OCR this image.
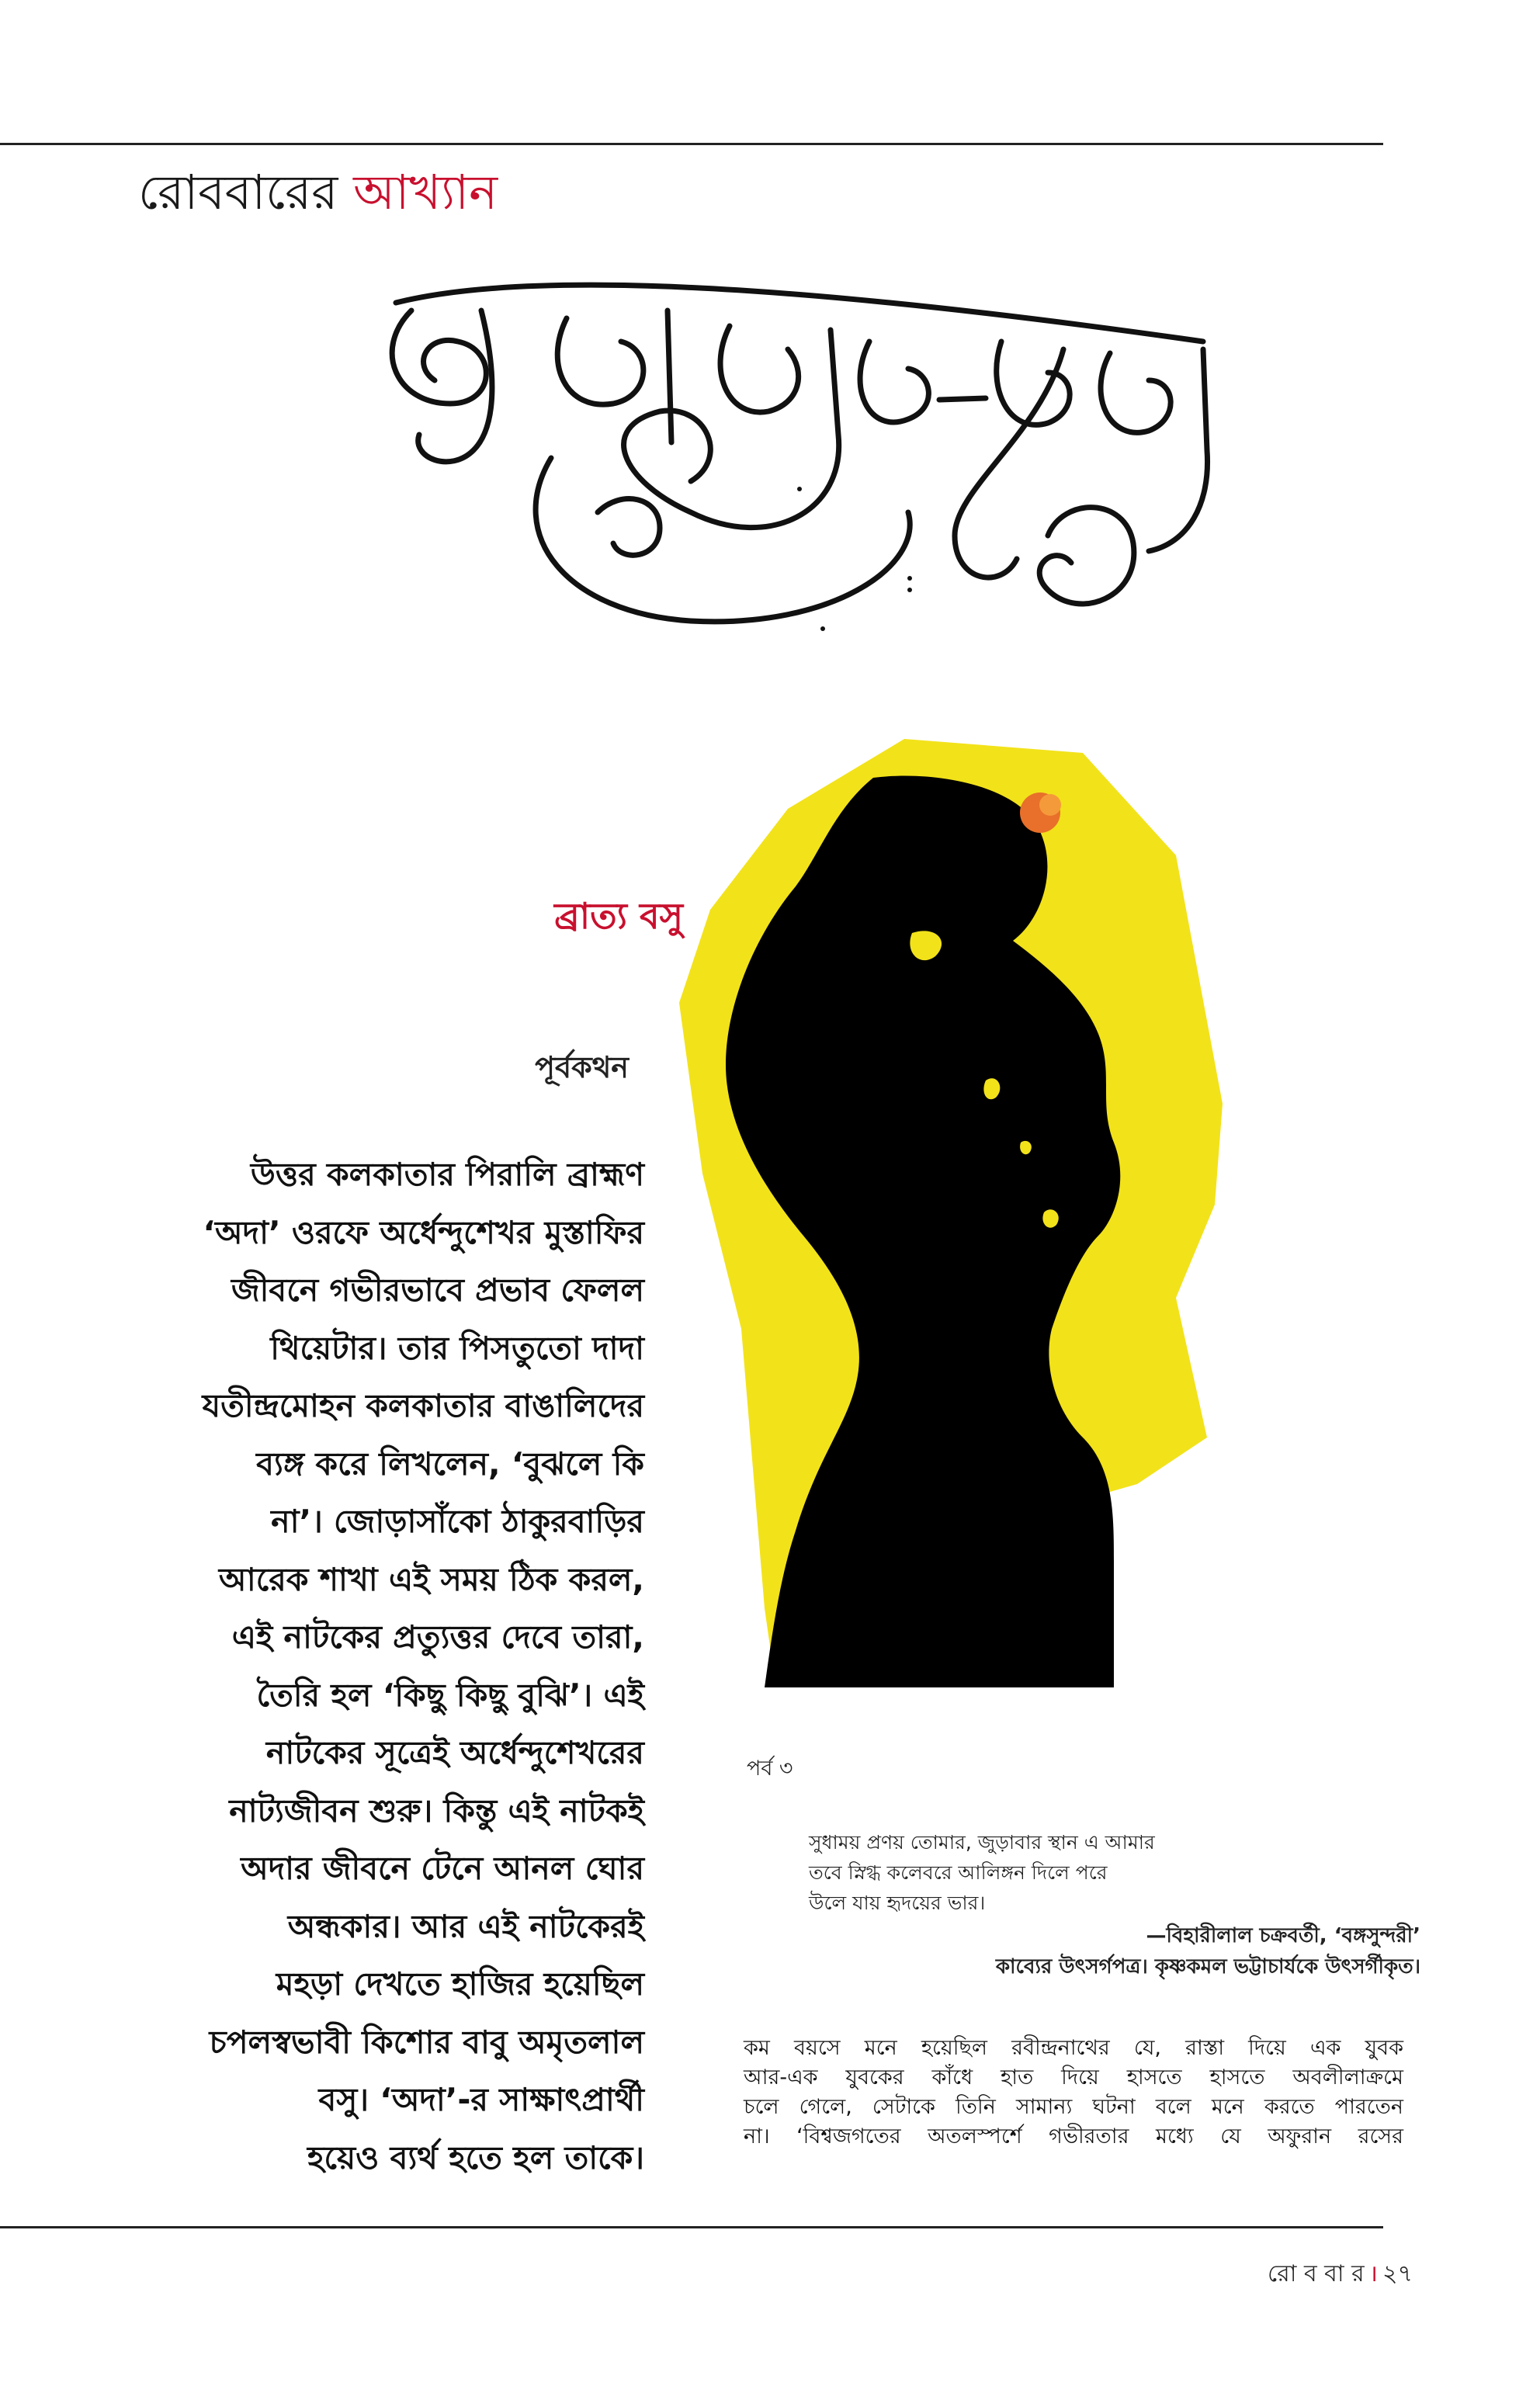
রোববারের আখ্যান
ব্রাত্য বসু
পূর্বকথন
উত্তর কলকাতার পিরালি ব্রাহ্মণ
‘অদা’ ওরফে অর্ধেন্দুশেখর মুস্তাফির
জীবনে গভীরভাবে প্রভাব ফেলল
থিয়েটার। তার পিসতুতো দাদা
যতীন্দ্রমোহন কলকাতার বাঙালিদের
ব্যঙ্গ করে লিখলেন, ‘বুঝলে কি
না’। জোড়াসাঁকো ঠাকুরবাড়ির
আরেক শাখা এই সময় ঠিক করল,
এই নাটকের প্রত্যুত্তর দেবে তারা,
তৈরি হল ‘কিছু কিছু বুঝি’। এই
নাটকের সূত্রেই অর্ধেন্দুশেখরের
নাট্যজীবন শুরু। কিন্তু এই নাটকই
অদার জীবনে টেনে আনল ঘোর
অন্ধকার। আর এই নাটকেরই
মহড়া দেখতে হাজির হয়েছিল
চপলস্বভাবী কিশোর বাবু অমৃতলাল
বসু। ‘অদা’-র সাক্ষাৎপ্রার্থী
হয়েও ব্যর্থ হতে হল তাকে।
পর্ব ৩
সুধাময় প্রণয় তোমার, জুড়াবার স্থান এ আমার
তবে স্নিগ্ধ কলেবরে আলিঙ্গন দিলে পরে
উলে যায় হৃদয়ের ভার।
—বিহারীলাল চক্রবর্তী, ‘বঙ্গসুন্দরী’
কাব্যের উৎসর্গপত্র। কৃষ্ণকমল ভট্টাচার্যকে উৎসর্গীকৃত।
কম বয়সে মনে হয়েছিল রবীন্দ্রনাথের যে, রাস্তা দিয়ে এক যুবক
আর-এক যুবকের কাঁধে হাত দিয়ে হাসতে হাসতে অবলীলাক্রমে
চলে গেলে, সেটাকে তিনি সামান্য ঘটনা বলে মনে করতে পারতেন
না। ‘বিশ্বজগতের অতলস্পর্শে গভীরতার মধ্যে যে অফুরান রসের
রো ব বা র । ২৭
